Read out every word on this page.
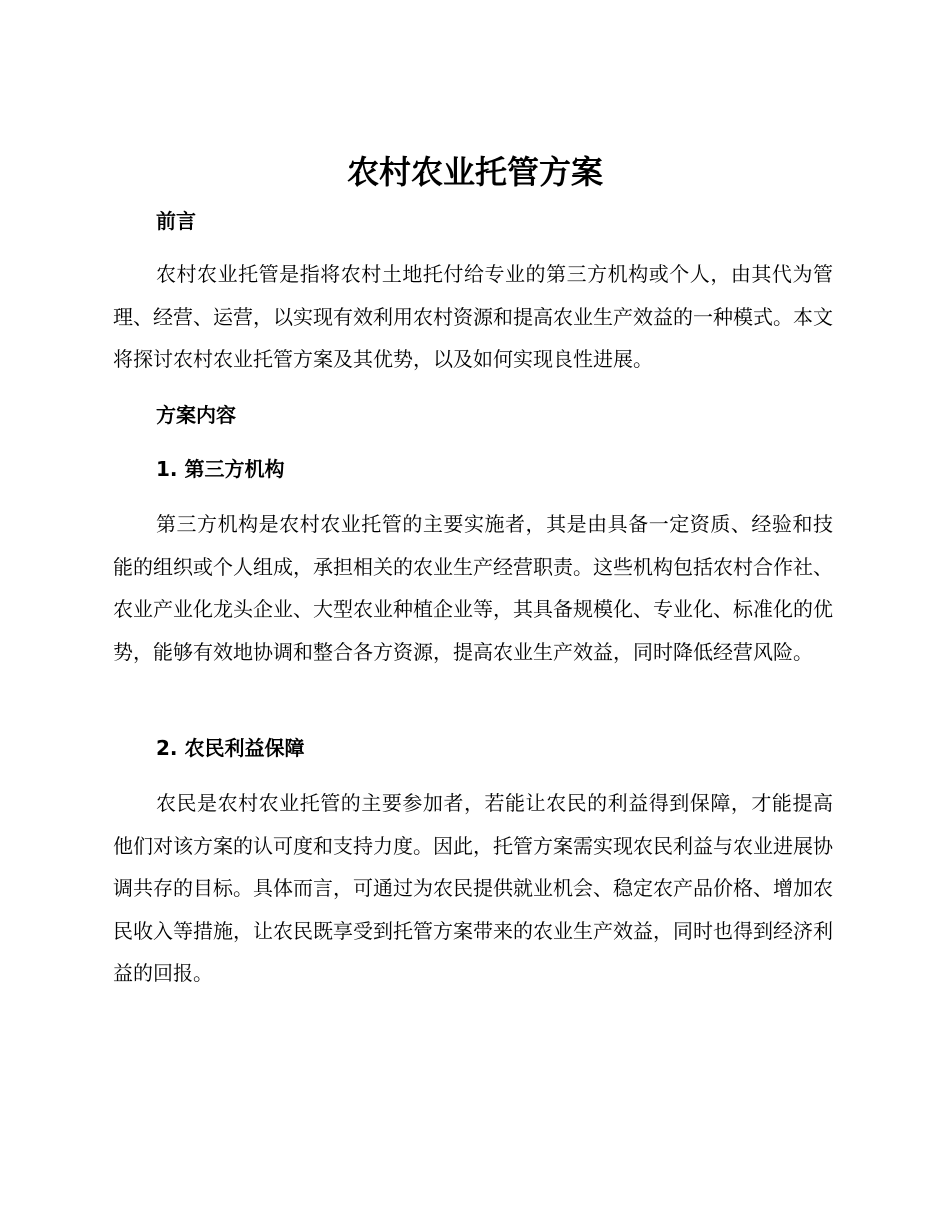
农村农业托管方案
前言
农村农业托管是指将农村土地托付给专业的第三方机构或个人，由其代为管理、经营、运营，以实现有效利用农村资源和提高农业生产效益的一种模式。本文将探讨农村农业托管方案及其优势，以及如何实现良性进展。
方案内容
1. 第三方机构
第三方机构是农村农业托管的主要实施者，其是由具备一定资质、经验和技能的组织或个人组成，承担相关的农业生产经营职责。这些机构包括农村合作社、农业产业化龙头企业、大型农业种植企业等，其具备规模化、专业化、标准化的优势，能够有效地协调和整合各方资源，提高农业生产效益，同时降低经营风险。
2. 农民利益保障
农民是农村农业托管的主要参加者，若能让农民的利益得到保障，才能提高他们对该方案的认可度和支持力度。因此，托管方案需实现农民利益与农业进展协调共存的目标。具体而言，可通过为农民提供就业机会、稳定农产品价格、增加农民收入等措施，让农民既享受到托管方案带来的农业生产效益，同时也得到经济利益的回报。
